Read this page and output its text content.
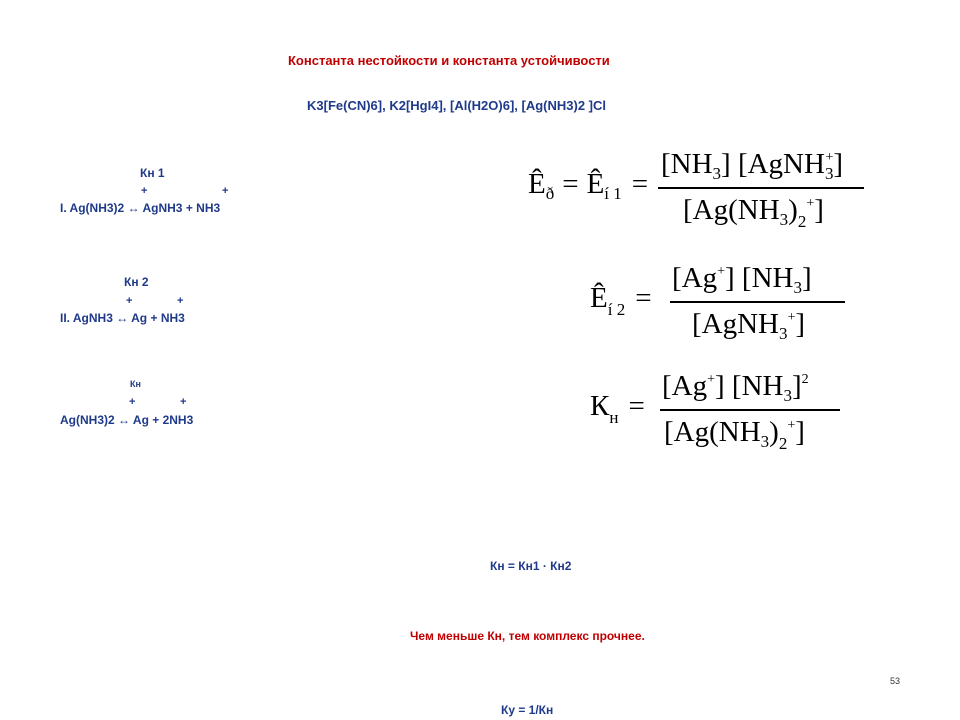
Константа нестойкости и константа устойчивости
K3[Fe(CN)6], K2[HgI4], [Al(H2O)6], [Ag(NH3)2 ]Cl
Кн 1
+	+
I. Ag(NH3)2 ↔ AgNH3 + NH3
Кн 2
+	+
II. AgNH3 ↔ Ag + NH3
Кн
+	+
Ag(NH3)2 ↔ Ag + 2NH3
Êð = Êí 1 =
[NH3] [AgNH3+]
[Ag(NH3)2+]
Êí 2 =
[Ag+] [NH3]
[AgNH3+]
Кн =
[Ag+] [NH3]2
[Ag(NH3)2+]
Кн = Кн1 · Кн2
Чем меньше Кн, тем комплекс прочнее.
53
Ку = 1/Кн
